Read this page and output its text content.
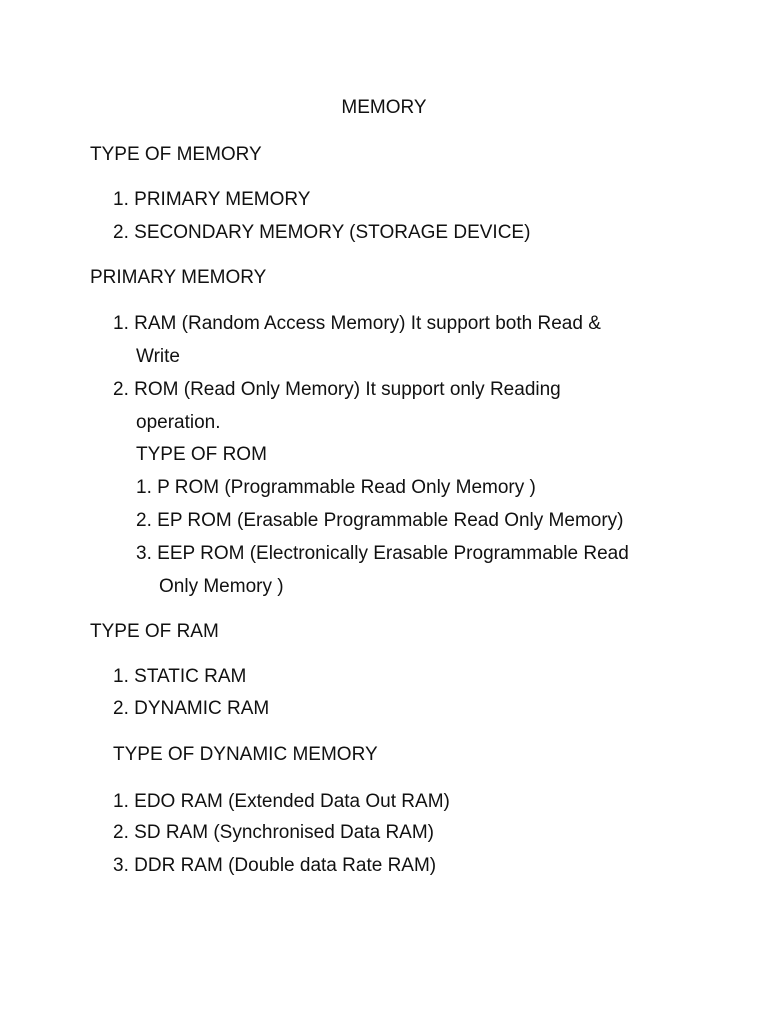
MEMORY
TYPE OF MEMORY
1. PRIMARY MEMORY
2. SECONDARY MEMORY (STORAGE DEVICE)
PRIMARY MEMORY
1. RAM (Random Access Memory) It support both Read &
Write
2. ROM (Read Only Memory) It support only Reading
operation.
TYPE OF ROM
1. P ROM (Programmable Read Only Memory )
2. EP ROM (Erasable Programmable Read Only Memory)
3. EEP ROM (Electronically Erasable Programmable Read
Only Memory )
TYPE OF RAM
1. STATIC RAM
2. DYNAMIC RAM
TYPE OF DYNAMIC MEMORY
1. EDO RAM (Extended Data Out RAM)
2. SD RAM (Synchronised Data RAM)
3. DDR RAM (Double data Rate RAM)
